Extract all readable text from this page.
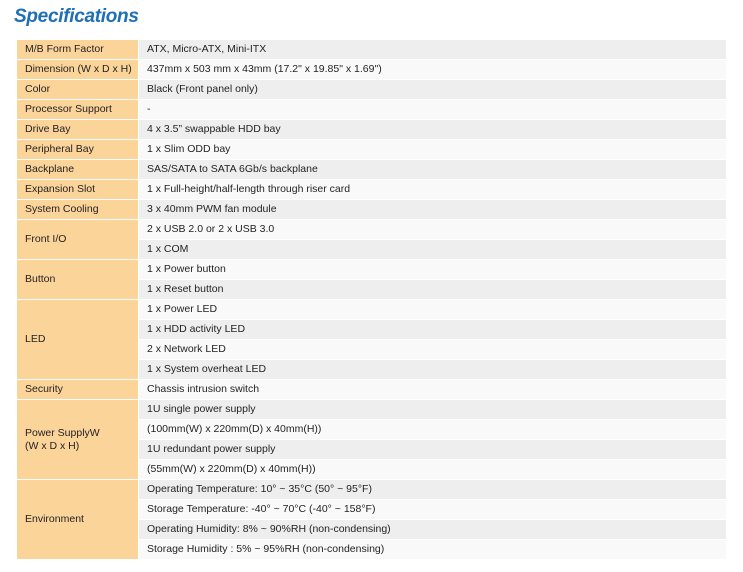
Specifications
M/B Form Factor	ATX, Micro-ATX, Mini-ITX
Dimension (W x D x H)	437mm x 503 mm x 43mm (17.2" x 19.85" x 1.69")
Color	Black (Front panel only)
Processor Support	-
Drive Bay	4 x 3.5” swappable HDD bay
Peripheral Bay	1 x Slim ODD bay
Backplane	SAS/SATA to SATA 6Gb/s backplane
Expansion Slot	1 x Full-height/half-length through riser card
System Cooling	3 x 40mm PWM fan module
Front I/O	2 x USB 2.0 or 2 x USB 3.0
	1 x COM
Button	1 x Power button
	1 x Reset button
LED	1 x Power LED
	1 x HDD activity LED
	2 x Network LED
	1 x System overheat LED
Security	Chassis intrusion switch
Power SupplyW
(W x D x H)	1U single power supply
	(100mm(W) x 220mm(D) x 40mm(H))
	1U redundant power supply
	(55mm(W) x 220mm(D) x 40mm(H))
Environment	Operating Temperature: 10° ~ 35°C (50° ~ 95°F)
	Storage Temperature: -40° ~ 70°C (-40° ~ 158°F)
	Operating Humidity: 8% ~ 90%RH (non-condensing)
	Storage Humidity : 5% ~ 95%RH (non-condensing)
